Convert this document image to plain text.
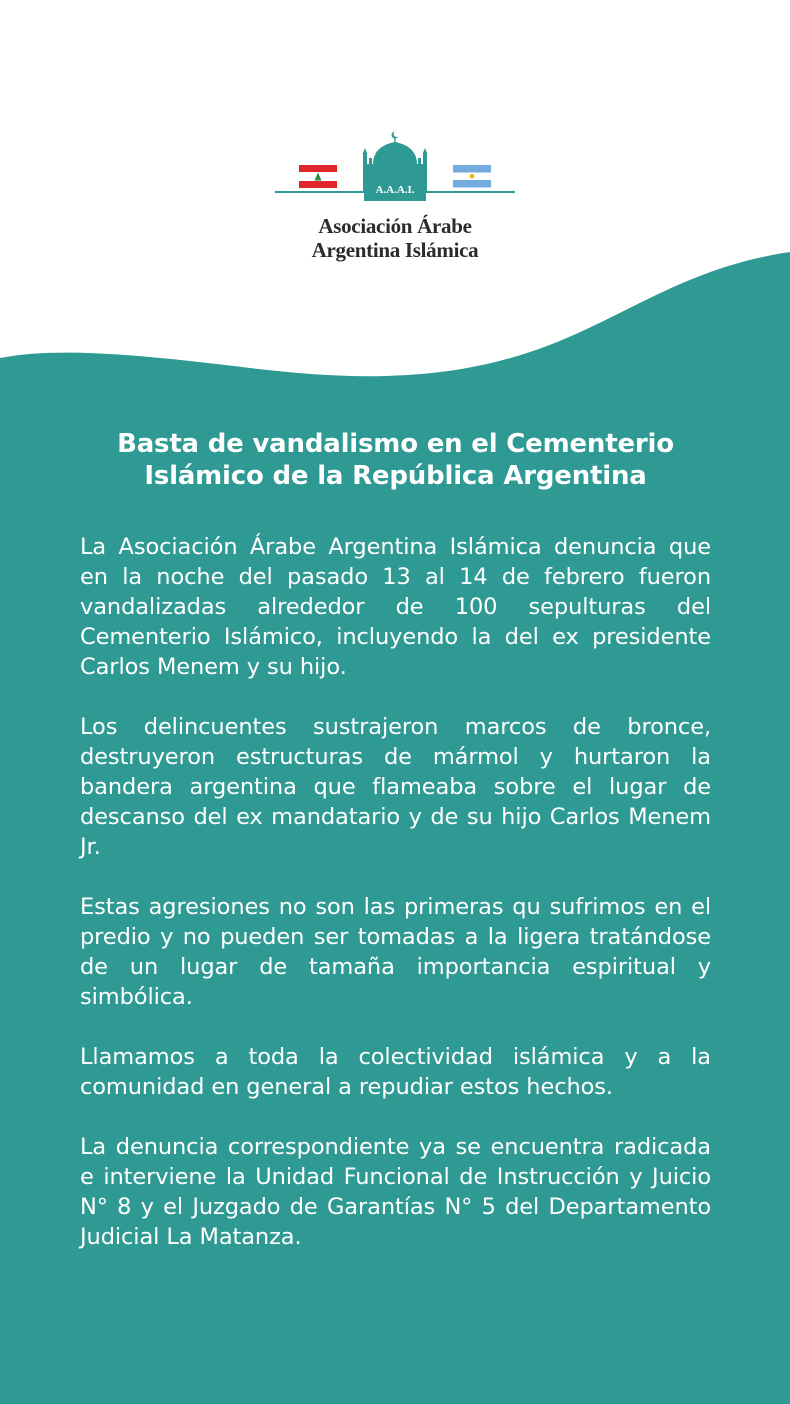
A.A.A.I.
Asociación Árabe
Argentina Islámica
Basta de vandalismo en el Cementerio
Islámico de la República Argentina

La Asociación Árabe Argentina Islámica denuncia que en la noche del pasado 13 al 14 de febrero fueron vandalizadas alrededor de 100 sepulturas del Cementerio Islámico, incluyendo la del ex presidente Carlos Menem y su hijo.

Los delincuentes sustrajeron marcos de bronce, destruyeron estructuras de mármol y hurtaron la bandera argentina que flameaba sobre el lugar de descanso del ex mandatario y de su hijo Carlos Menem Jr.

Estas agresiones no son las primeras qu sufrimos en el predio y no pueden ser tomadas a la ligera tratándose de un lugar de tamaña importancia espiritual y simbólica.

Llamamos a toda la colectividad islámica y a la comunidad en general a repudiar estos hechos.

La denuncia correspondiente ya se encuentra radicada e interviene la Unidad Funcional de Instrucción y Juicio N° 8 y el Juzgado de Garantías N° 5 del Departamento Judicial La Matanza.
